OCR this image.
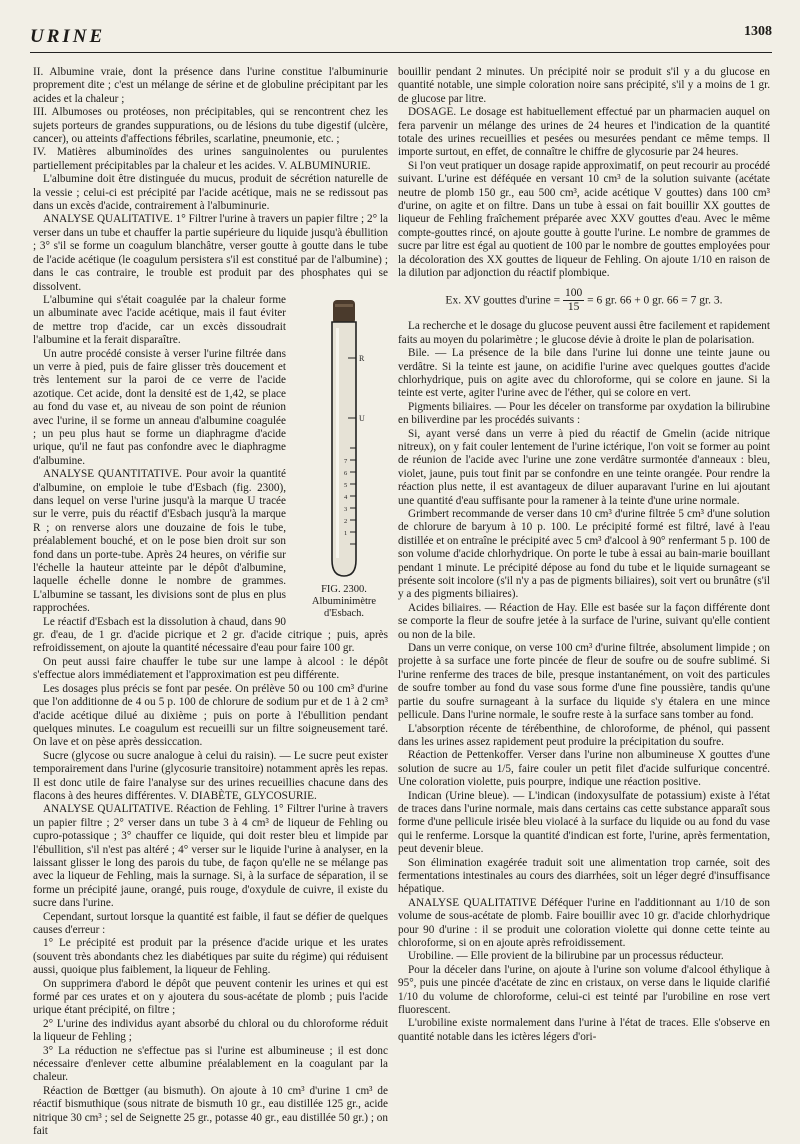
URINE	1308

II. Albumine vraie, dont la présence dans l'urine constitue l'albuminurie proprement dite ; c'est un mélange de sérine et de globuline précipitant par les acides et la chaleur ;

III. Albumoses ou protéoses, non précipitables, qui se rencontrent chez les sujets porteurs de grandes suppurations, ou de lésions du tube digestif (ulcère, cancer), ou atteints d'affections fébriles, scarlatine, pneumonie, etc. ;

IV. Matières albuminoïdes des urines sanguinolentes ou purulentes partiellement précipitables par la chaleur et les acides. V. ALBUMINURIE.

L'albumine doit être distinguée du mucus, produit de sécrétion naturelle de la vessie ; celui-ci est précipité par l'acide acétique, mais ne se redissout pas dans un excès d'acide, contrairement à l'albuminurie.

ANALYSE QUALITATIVE. 1° Filtrer l'urine à travers un papier filtre ; 2° la verser dans un tube et chauffer la partie supérieure du liquide jusqu'à ébullition ; 3° s'il se forme un coagulum blanchâtre, verser goutte à goutte dans le tube de l'acide acétique (le coagulum persistera s'il est constitué par de l'albumine) ; dans le cas contraire, le trouble est produit par des phosphates qui se dissolvent.

R
U
7
6
5
4
3
2
1
FIG. 2300. Albuminimètre d'Esbach.

L'albumine qui s'était coagulée par la chaleur forme un albuminate avec l'acide acétique, mais il faut éviter de mettre trop d'acide, car un excès dissoudrait l'albumine et la ferait disparaître.

Un autre procédé consiste à verser l'urine filtrée dans un verre à pied, puis de faire glisser très doucement et très lentement sur la paroi de ce verre de l'acide azotique. Cet acide, dont la densité est de 1,42, se place au fond du vase et, au niveau de son point de réunion avec l'urine, il se forme un anneau d'albumine coagulée ; un peu plus haut se forme un diaphragme d'acide urique, qu'il ne faut pas confondre avec le diaphragme d'albumine.

ANALYSE QUANTITATIVE. Pour avoir la quantité d'albumine, on emploie le tube d'Esbach (fig. 2300), dans lequel on verse l'urine jusqu'à la marque U tracée sur le verre, puis du réactif d'Esbach jusqu'à la marque R ; on renverse alors une douzaine de fois le tube, préalablement bouché, et on le pose bien droit sur son fond dans un porte-tube. Après 24 heures, on vérifie sur l'échelle la hauteur atteinte par le dépôt d'albumine, laquelle échelle donne le nombre de grammes. L'albumine se tassant, les divisions sont de plus en plus rapprochées.

Le réactif d'Esbach est la dissolution à chaud, dans 90 gr. d'eau, de 1 gr. d'acide picrique et 2 gr. d'acide citrique ; puis, après refroidissement, on ajoute la quantité nécessaire d'eau pour faire 100 gr.

On peut aussi faire chauffer le tube sur une lampe à alcool : le dépôt s'effectue alors immédiatement et l'approximation est peu différente.

Les dosages plus précis se font par pesée. On prélève 50 ou 100 cm³ d'urine que l'on additionne de 4 ou 5 p. 100 de chlorure de sodium pur et de 1 à 2 cm³ d'acide acétique dilué au dixième ; puis on porte à l'ébullition pendant quelques minutes. Le coagulum est recueilli sur un filtre soigneusement taré. On lave et on pèse après dessiccation.

Sucre (glycose ou sucre analogue à celui du raisin). — Le sucre peut exister temporairement dans l'urine (glycosurie transitoire) notamment après les repas. Il est donc utile de faire l'analyse sur des urines recueillies chacune dans des flacons à des heures différentes. V. DIABÈTE, GLYCOSURIE.

ANALYSE QUALITATIVE. Réaction de Fehling. 1° Filtrer l'urine à travers un papier filtre ; 2° verser dans un tube 3 à 4 cm³ de liqueur de Fehling ou cupro-potassique ; 3° chauffer ce liquide, qui doit rester bleu et limpide par l'ébullition, s'il n'est pas altéré ; 4° verser sur le liquide l'urine à analyser, en la laissant glisser le long des parois du tube, de façon qu'elle ne se mélange pas avec la liqueur de Fehling, mais la surnage. Si, à la surface de séparation, il se forme un précipité jaune, orangé, puis rouge, d'oxydule de cuivre, il existe du sucre dans l'urine.

Cependant, surtout lorsque la quantité est faible, il faut se défier de quelques causes d'erreur :

1° Le précipité est produit par la présence d'acide urique et les urates (souvent très abondants chez les diabétiques par suite du régime) qui réduisent aussi, quoique plus faiblement, la liqueur de Fehling.

On supprimera d'abord le dépôt que peuvent contenir les urines et qui est formé par ces urates et on y ajoutera du sous-acétate de plomb ; puis l'acide urique étant précipité, on filtre ;

2° L'urine des individus ayant absorbé du chloral ou du chloroforme réduit la liqueur de Fehling ;

3° La réduction ne s'effectue pas si l'urine est albumineuse ; il est donc nécessaire d'enlever cette albumine préalablement en la coagulant par la chaleur.

Réaction de Bœttger (au bismuth). On ajoute à 10 cm³ d'urine 1 cm³ de réactif bismuthique (sous nitrate de bismuth 10 gr., eau distillée 125 gr., acide nitrique 30 cm³ ; sel de Seignette 25 gr., potasse 40 gr., eau distillée 50 gr.) ; on fait

bouillir pendant 2 minutes. Un précipité noir se produit s'il y a du glucose en quantité notable, une simple coloration noire sans précipité, s'il y a moins de 1 gr. de glucose par litre.

DOSAGE. Le dosage est habituellement effectué par un pharmacien auquel on fera parvenir un mélange des urines de 24 heures et l'indication de la quantité totale des urines recueillies et pesées ou mesurées pendant ce même temps. Il importe surtout, en effet, de connaître le chiffre de glycosurie par 24 heures.

Si l'on veut pratiquer un dosage rapide approximatif, on peut recourir au procédé suivant. L'urine est déféquée en versant 10 cm³ de la solution suivante (acétate neutre de plomb 150 gr., eau 500 cm³, acide acétique V gouttes) dans 100 cm³ d'urine, on agite et on filtre. Dans un tube à essai on fait bouillir XX gouttes de liqueur de Fehling fraîchement préparée avec XXV gouttes d'eau. Avec le même compte-gouttes rincé, on ajoute goutte à goutte l'urine. Le nombre de grammes de sucre par litre est égal au quotient de 100 par le nombre de gouttes employées pour la décoloration des XX gouttes de liqueur de Fehling. On ajoute 1/10 en raison de la dilution par adjonction du réactif plombique.

Ex. XV gouttes d'urine = $\frac{100}{15} = 6$ gr. 66 + 0 gr. 66 = 7 gr. 3.

La recherche et le dosage du glucose peuvent aussi être facilement et rapidement faits au moyen du polarimètre ; le glucose dévie à droite le plan de polarisation.

Bile. — La présence de la bile dans l'urine lui donne une teinte jaune ou verdâtre. Si la teinte est jaune, on acidifie l'urine avec quelques gouttes d'acide chlorhydrique, puis on agite avec du chloroforme, qui se colore en jaune. Si la teinte est verte, agiter l'urine avec de l'éther, qui se colore en vert.

Pigments biliaires. — Pour les déceler on transforme par oxydation la bilirubine en biliverdine par les procédés suivants :

Si, ayant versé dans un verre à pied du réactif de Gmelin (acide nitrique nitreux), on y fait couler lentement de l'urine ictérique, l'on voit se former au point de réunion de l'acide avec l'urine une zone verdâtre surmontée d'anneaux : bleu, violet, jaune, puis tout finit par se confondre en une teinte orangée. Pour rendre la réaction plus nette, il est avantageux de diluer auparavant l'urine en lui ajoutant une quantité d'eau suffisante pour la ramener à la teinte d'une urine normale.

Grimbert recommande de verser dans 10 cm³ d'urine filtrée 5 cm³ d'une solution de chlorure de baryum à 10 p. 100. Le précipité formé est filtré, lavé à l'eau distillée et on entraîne le précipité avec 5 cm³ d'alcool à 90° renfermant 5 p. 100 de son volume d'acide chlorhydrique. On porte le tube à essai au bain-marie bouillant pendant 1 minute. Le précipité dépose au fond du tube et le liquide surnageant se présente soit incolore (s'il n'y a pas de pigments biliaires), soit vert ou brunâtre (s'il y a des pigments biliaires).

Acides biliaires. — Réaction de Hay. Elle est basée sur la façon différente dont se comporte la fleur de soufre jetée à la surface de l'urine, suivant qu'elle contient ou non de la bile.

Dans un verre conique, on verse 100 cm³ d'urine filtrée, absolument limpide ; on projette à sa surface une forte pincée de fleur de soufre ou de soufre sublimé. Si l'urine renferme des traces de bile, presque instantanément, on voit des particules de soufre tomber au fond du vase sous forme d'une fine poussière, tandis qu'une partie du soufre surnageant à la surface du liquide s'y étalera en une mince pellicule. Dans l'urine normale, le soufre reste à la surface sans tomber au fond.

L'absorption récente de térébenthine, de chloroforme, de phénol, qui passent dans les urines assez rapidement peut produire la précipitation du soufre.

Réaction de Pettenkoffer. Verser dans l'urine non albumineuse X gouttes d'une solution de sucre au 1/5, faire couler un petit filet d'acide sulfurique concentré. Une coloration violette, puis pourpre, indique une réaction positive.

Indican (Urine bleue). — L'indican (indoxysulfate de potassium) existe à l'état de traces dans l'urine normale, mais dans certains cas cette substance apparaît sous forme d'une pellicule irisée bleu violacé à la surface du liquide ou au fond du vase qui le renferme. Lorsque la quantité d'indican est forte, l'urine, après fermentation, peut devenir bleue.

Son élimination exagérée traduit soit une alimentation trop carnée, soit des fermentations intestinales au cours des diarrhées, soit un léger degré d'insuffisance hépatique.

ANALYSE QUALITATIVE Déféquer l'urine en l'additionnant au 1/10 de son volume de sous-acétate de plomb. Faire bouillir avec 10 gr. d'acide chlorhydrique pour 90 d'urine : il se produit une coloration violette qui donne cette teinte au chloroforme, si on en ajoute après refroidissement.

Urobiline. — Elle provient de la bilirubine par un processus réducteur.

Pour la déceler dans l'urine, on ajoute à l'urine son volume d'alcool éthylique à 95°, puis une pincée d'acétate de zinc en cristaux, on verse dans le liquide clarifié 1/10 du volume de chloroforme, celui-ci est teinté par l'urobiline en rose vert fluorescent.

L'urobiline existe normalement dans l'urine à l'état de traces. Elle s'observe en quantité notable dans les ictères légers d'ori-
